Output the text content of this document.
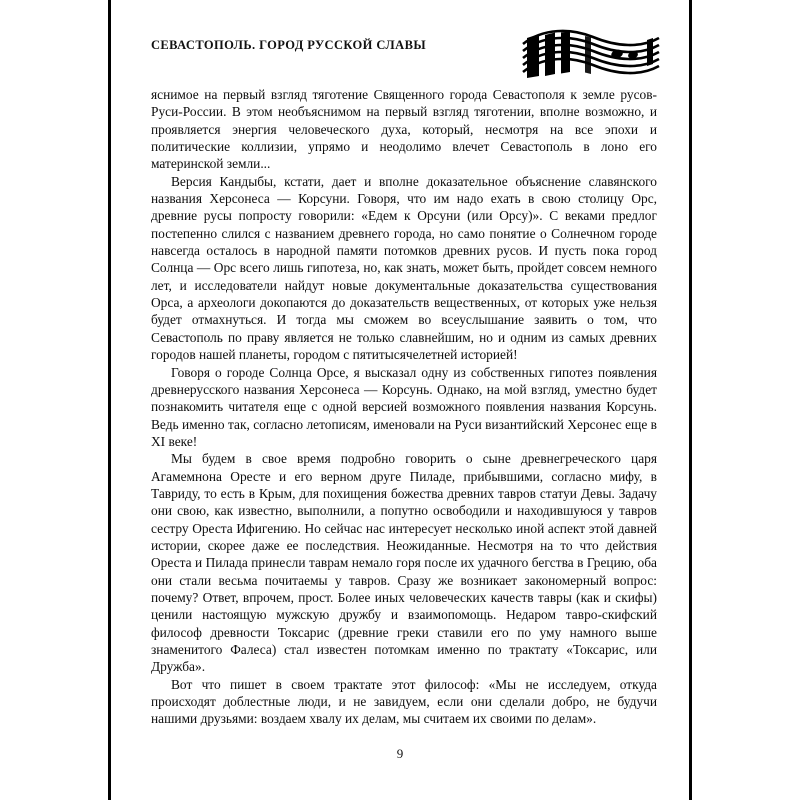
СЕВАСТОПОЛЬ. ГОРОД РУССКОЙ СЛАВЫ

яснимое на первый взгляд тяготение Священного города Севастополя к земле русов-Руси-России. В этом необъяснимом на первый взгляд тяготении, вполне возможно, и проявляется энергия человеческого духа, который, несмотря на все эпохи и политические коллизии, упрямо и неодолимо влечет Севастополь в лоно его материнской земли...

Версия Кандыбы, кстати, дает и вполне доказательное объяснение славянского названия Херсонеса — Корсуни. Говоря, что им надо ехать в свою столицу Орс, древние русы попросту говорили: «Едем к Орсуни (или Орсу)». С веками предлог постепенно слился с названием древнего города, но само понятие о Солнечном городе навсегда осталось в народной памяти потомков древних русов. И пусть пока город Солнца — Орс всего лишь гипотеза, но, как знать, может быть, пройдет совсем немного лет, и исследователи найдут новые документальные доказательства существования Орса, а археологи докопаются до доказательств вещественных, от которых уже нельзя будет отмахнуться. И тогда мы сможем во всеуслышание заявить о том, что Севастополь по праву является не только славнейшим, но и одним из самых древних городов нашей планеты, городом с пятитысячелетней историей!

Говоря о городе Солнца Орсе, я высказал одну из собственных гипотез появления древнерусского названия Херсонеса — Корсунь. Однако, на мой взгляд, уместно будет познакомить читателя еще с одной версией возможного появления названия Корсунь. Ведь именно так, согласно летописям, именовали на Руси византийский Херсонес еще в XI веке!

Мы будем в свое время подробно говорить о сыне древнегреческого царя Агамемнона Оресте и его верном друге Пиладе, прибывшими, согласно мифу, в Тавриду, то есть в Крым, для похищения божества древних тавров статуи Девы. Задачу они свою, как известно, выполнили, а попутно освободили и находившуюся у тавров сестру Ореста Ифигению. Но сейчас нас интересует несколько иной аспект этой давней истории, скорее даже ее последствия. Неожиданные. Несмотря на то что действия Ореста и Пилада принесли таврам немало горя после их удачного бегства в Грецию, оба они стали весьма почитаемы у тавров. Сразу же возникает закономерный вопрос: почему? Ответ, впрочем, прост. Более иных человеческих качеств тавры (как и скифы) ценили настоящую мужскую дружбу и взаимопомощь. Недаром тавро-скифский философ древности Токсарис (древние греки ставили его по уму намного выше знаменитого Фалеса) стал известен потомкам именно по трактату «Токсарис, или Дружба».

Вот что пишет в своем трактате этот философ: «Мы не исследуем, откуда происходят доблестные люди, и не завидуем, если они сделали добро, не будучи нашими друзьями: воздаем хвалу их делам, мы считаем их своими по делам».

9
